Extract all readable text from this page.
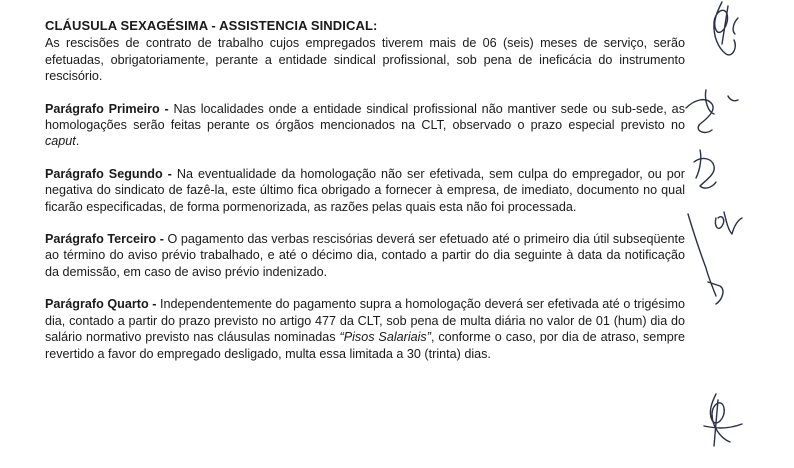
CLÁUSULA SEXAGÉSIMA - ASSISTENCIA SINDICAL:

As rescisões de contrato de trabalho cujos empregados tiverem mais de 06 (seis) meses de serviço, serão efetuadas, obrigatoriamente, perante a entidade sindical profissional, sob pena de ineficácia do instrumento rescisório.

Parágrafo Primeiro - Nas localidades onde a entidade sindical profissional não mantiver sede ou sub-sede, as homologações serão feitas perante os órgãos mencionados na CLT, observado o prazo especial previsto no caput.

Parágrafo Segundo - Na eventualidade da homologação não ser efetivada, sem culpa do empregador, ou por negativa do sindicato de fazê-la, este último fica obrigado a fornecer à empresa, de imediato, documento no qual ficarão especificadas, de forma pormenorizada, as razões pelas quais esta não foi processada.

Parágrafo Terceiro - O pagamento das verbas rescisórias deverá ser efetuado até o primeiro dia útil subseqüente ao término do aviso prévio trabalhado, e até o décimo dia, contado a partir do dia seguinte à data da notificação da demissão, em caso de aviso prévio indenizado.

Parágrafo Quarto - Independentemente do pagamento supra a homologação deverá ser efetivada até o trigésimo dia, contado a partir do prazo previsto no artigo 477 da CLT, sob pena de multa diária no valor de 01 (hum) dia do salário normativo previsto nas cláusulas nominadas “Pisos Salariais”, conforme o caso, por dia de atraso, sempre revertido a favor do empregado desligado, multa essa limitada a 30 (trinta) dias.
